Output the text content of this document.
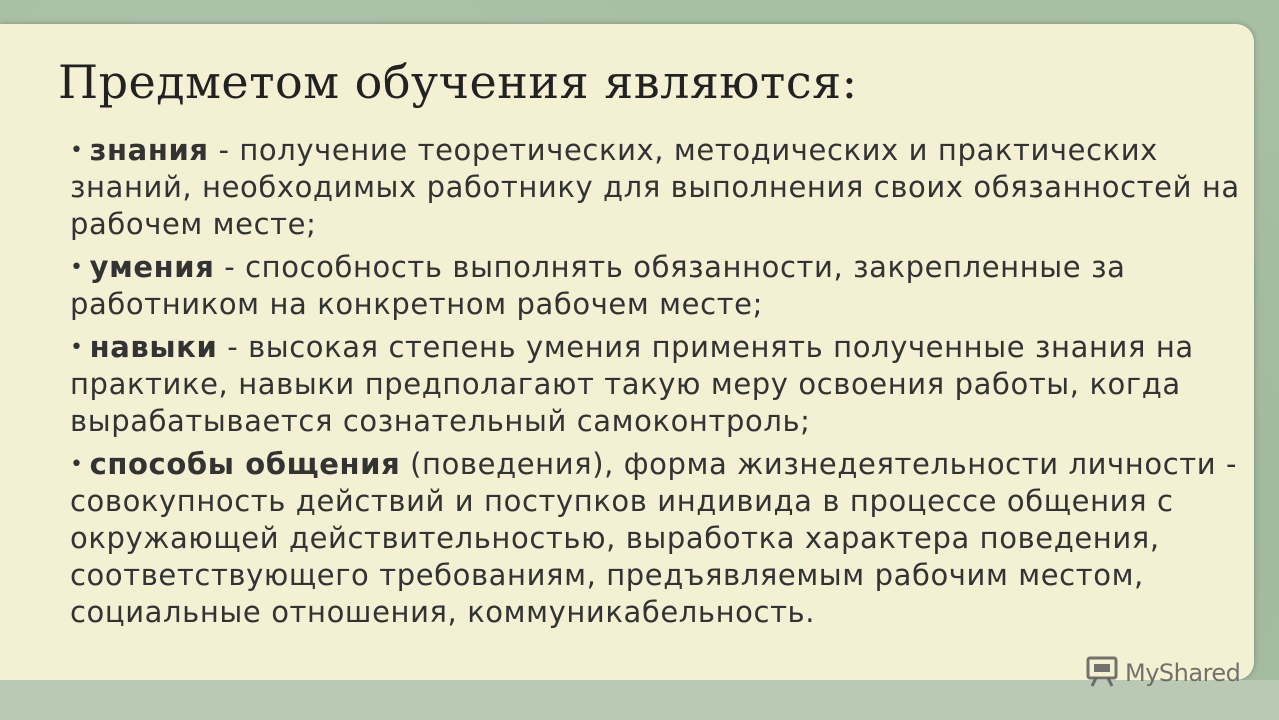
Предметом обучения являются:
• знания - получение теоретических, методических и практических знаний, необходимых работнику для выполнения своих обязанностей на рабочем месте;
• умения - способность выполнять обязанности, закрепленные за работником на конкретном рабочем месте;
• навыки - высокая степень умения применять полученные знания на практике, навыки предполагают такую меру освоения работы, когда вырабатывается сознательный самоконтроль;
• способы общения (поведения), форма жизнедеятельности личности - совокупность действий и поступков индивида в процессе общения с окружающей действительностью, выработка характера поведения, соответствующего требованиям, предъявляемым рабочим местом, социальные отношения, коммуникабельность.
MyShared
